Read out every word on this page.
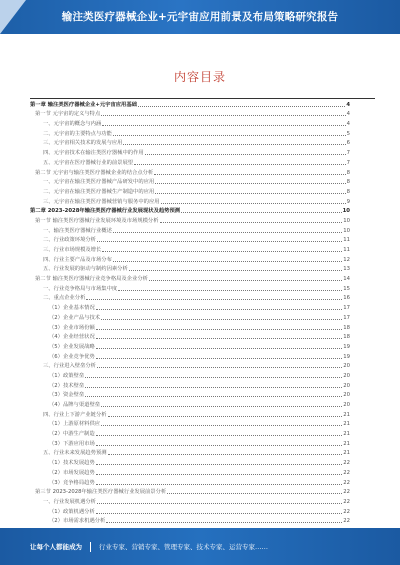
输注类医疗器械企业+元宇宙应用前景及布局策略研究报告
内容目录
第一章 输注类医疗器械企业+元宇宙应用基础	4
第一节 元宇宙的定义与特点	4
一、元宇宙的概念与内涵	4
二、元宇宙的主要特点与功能	5
三、元宇宙相关技术的发展与应用	6
四、元宇宙技术在输注类医疗器械中的作用	7
五、元宇宙在医疗器械行业的前景展望	7
第二节 元宇宙与输注类医疗器械企业的结合点分析	8
一、元宇宙在输注类医疗器械产品研发中的应用	8
二、元宇宙在输注类医疗器械生产制造中的应用	8
三、元宇宙在输注类医疗器械营销与服务中的应用	9
第二章 2023-2028年输注类医疗器械行业发展现状及趋势预测	10
第一节 输注类医疗器械行业发展环境及市场规模分析	10
一、输注类医疗器械行业概述	10
二、行业政策环境分析	11
三、行业市场规模及增长	11
四、行业主要产品及市场分布	12
五、行业发展的驱动与制约因素分析	13
第二节 输注类医疗器械行业竞争格局及企业分析	14
一、行业竞争格局与市场集中度	15
二、重点企业分析	16
（1）企业基本情况	17
（2）企业产品与技术	17
（3）企业市场份额	18
（4）企业经营状况	18
（5）企业发展战略	19
（6）企业竞争优势	19
三、行业进入壁垒分析	20
（1）政策壁垒	20
（2）技术壁垒	20
（3）资金壁垒	20
（4）品牌与渠道壁垒	20
四、行业上下游产业链分析	21
（1）上游原材料供应	21
（2）中游生产制造	21
（3）下游应用市场	21
五、行业未来发展趋势预测	21
（1）技术发展趋势	22
（2）市场发展趋势	22
（3）竞争格局趋势	22
第三节 2023-2028年输注类医疗器械行业发展前景分析	22
一、行业发展机遇分析	22
（1）政策机遇分析	22
（2）市场需求机遇分析	22
让每个人都能成为	行业专家、营销专家、管理专家、技术专家、运营专家……
